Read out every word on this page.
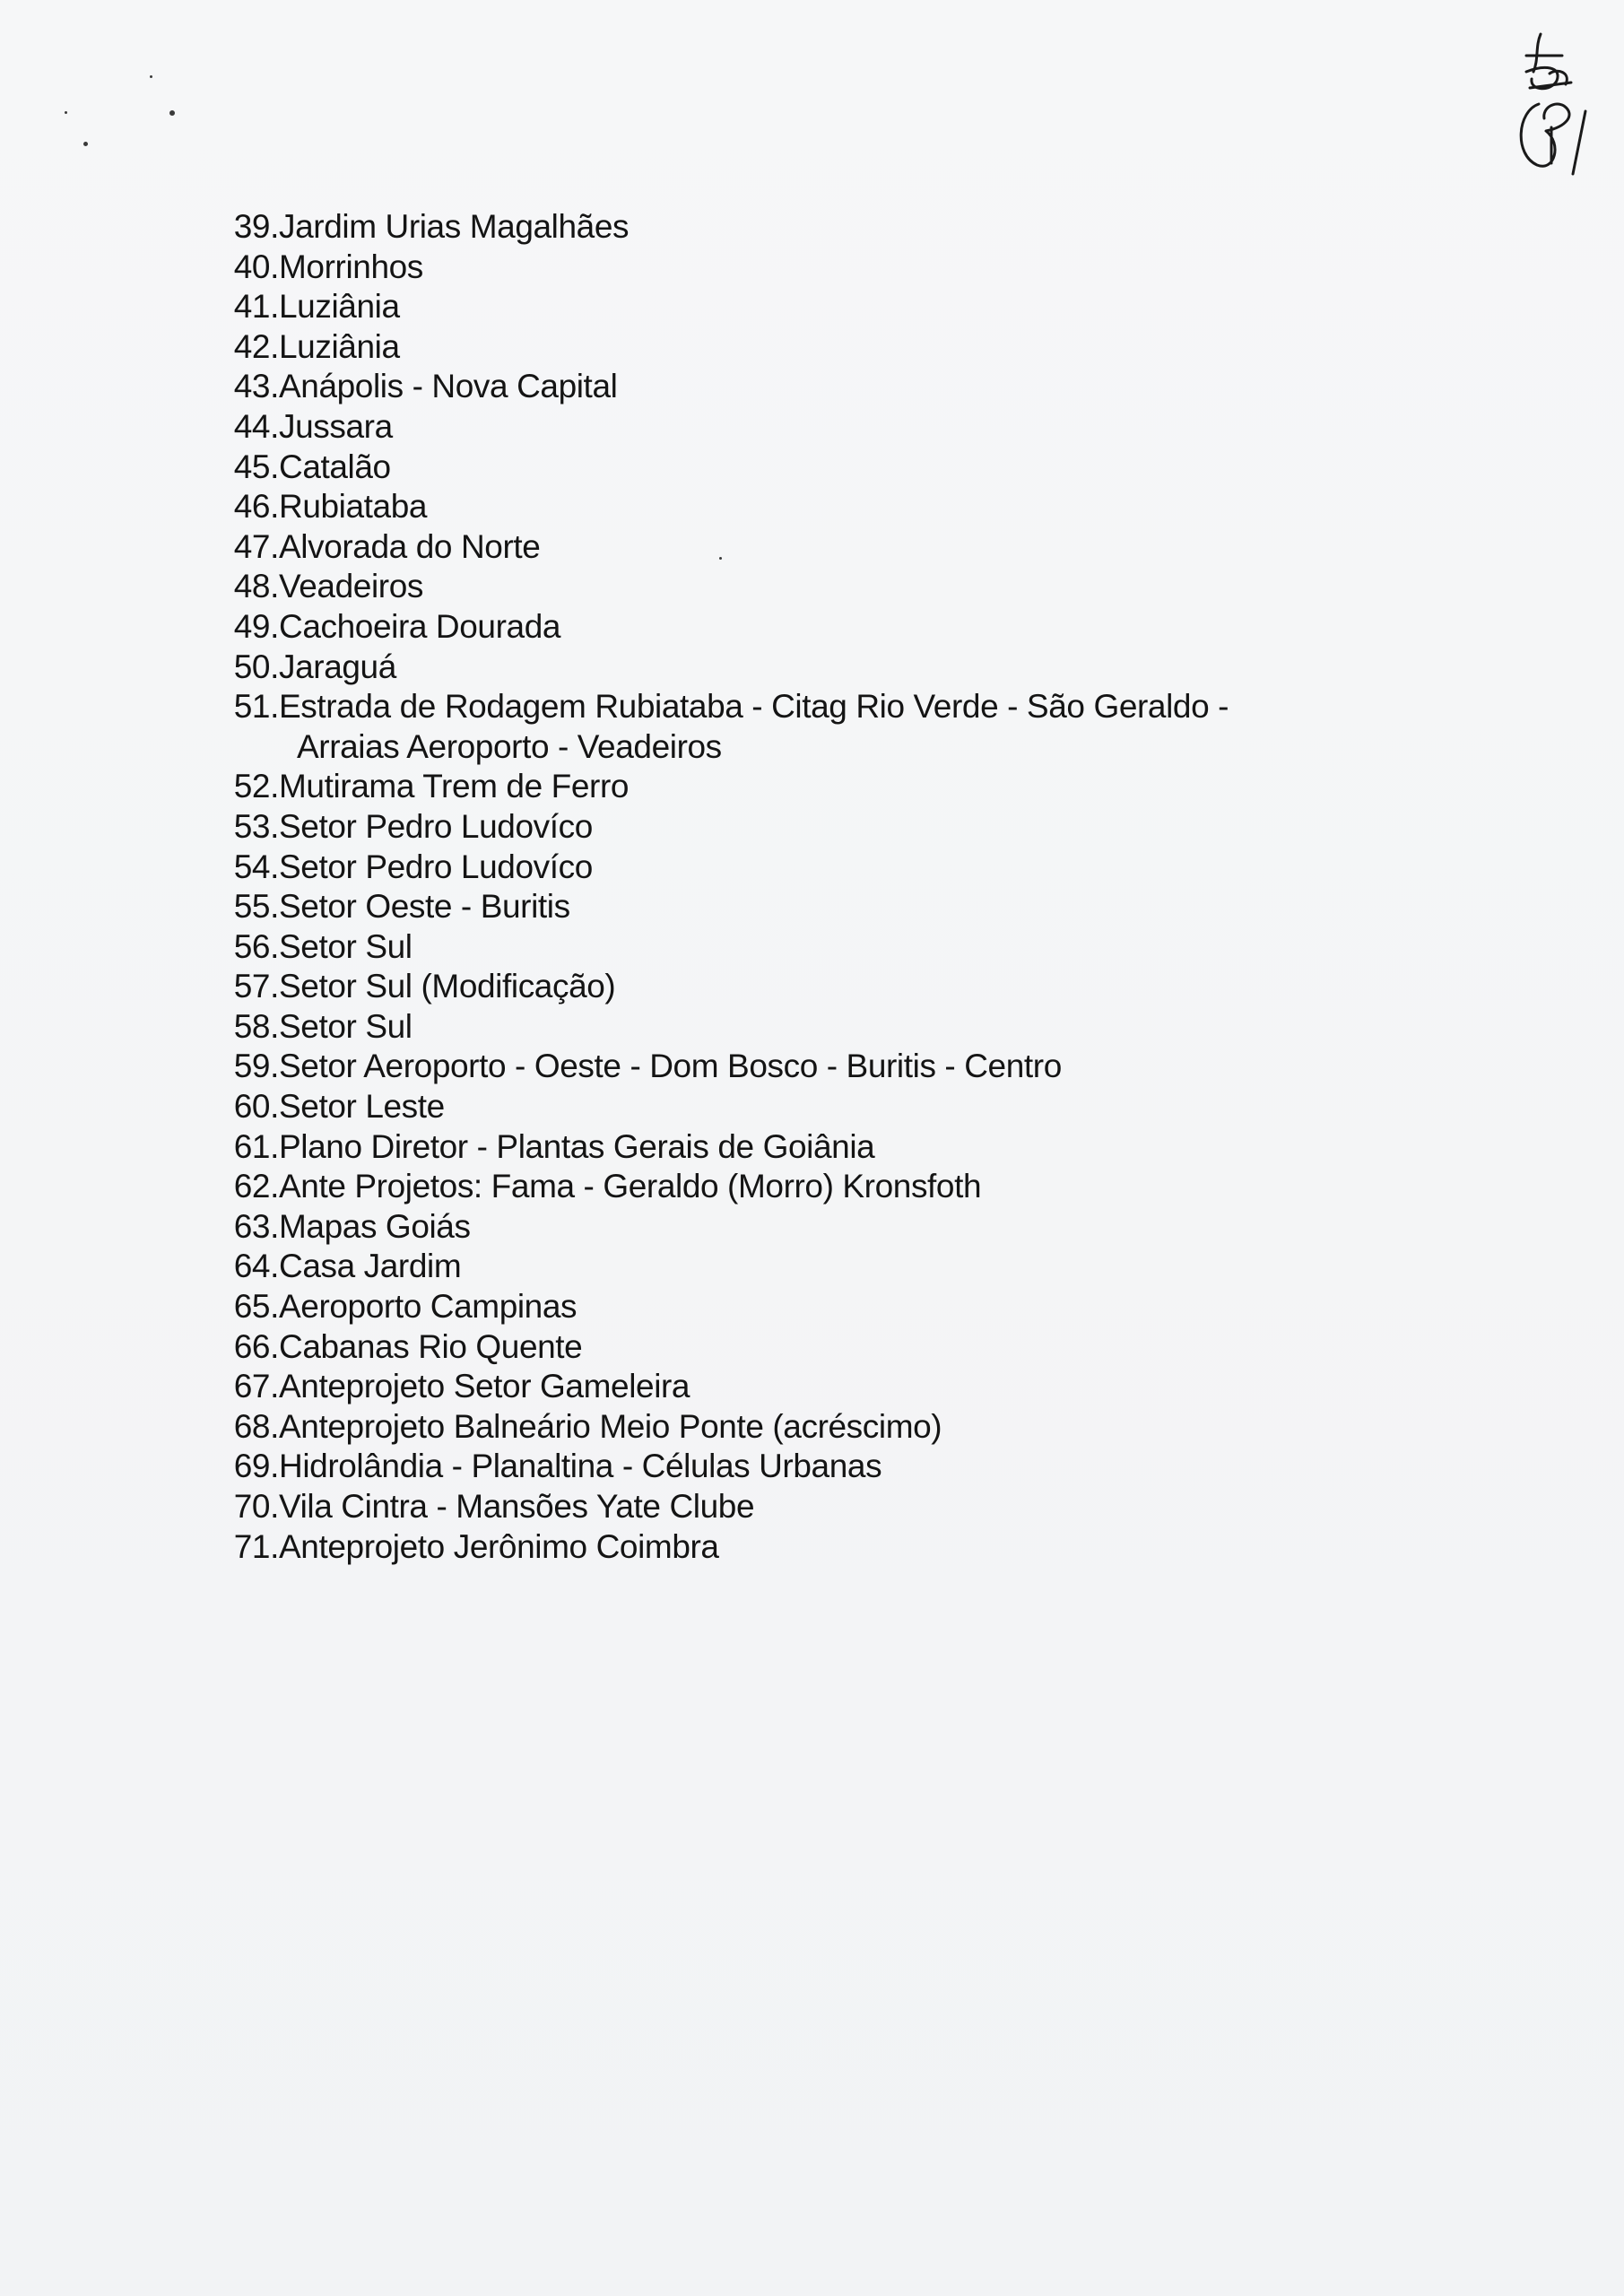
39. Jardim Urias Magalhães
40. Morrinhos
41. Luziânia
42. Luziânia
43. Anápolis - Nova Capital
44. Jussara
45. Catalão
46. Rubiataba
47. Alvorada do Norte
48. Veadeiros
49. Cachoeira Dourada
50. Jaraguá
51. Estrada de Rodagem Rubiataba - Citag Rio Verde - São Geraldo -
Arraias Aeroporto - Veadeiros
52. Mutirama Trem de Ferro
53. Setor Pedro Ludovíco
54. Setor Pedro Ludovíco
55. Setor Oeste - Buritis
56. Setor Sul
57. Setor Sul (Modificação)
58. Setor Sul
59. Setor Aeroporto - Oeste - Dom Bosco - Buritis - Centro
60. Setor Leste
61. Plano Diretor - Plantas Gerais de Goiânia
62. Ante Projetos: Fama - Geraldo (Morro) Kronsfoth
63. Mapas Goiás
64. Casa Jardim
65. Aeroporto Campinas
66. Cabanas Rio Quente
67. Anteprojeto Setor Gameleira
68. Anteprojeto Balneário Meio Ponte (acréscimo)
69. Hidrolândia - Planaltina - Células Urbanas
70. Vila Cintra - Mansões Yate Clube
71. Anteprojeto Jerônimo Coimbra
